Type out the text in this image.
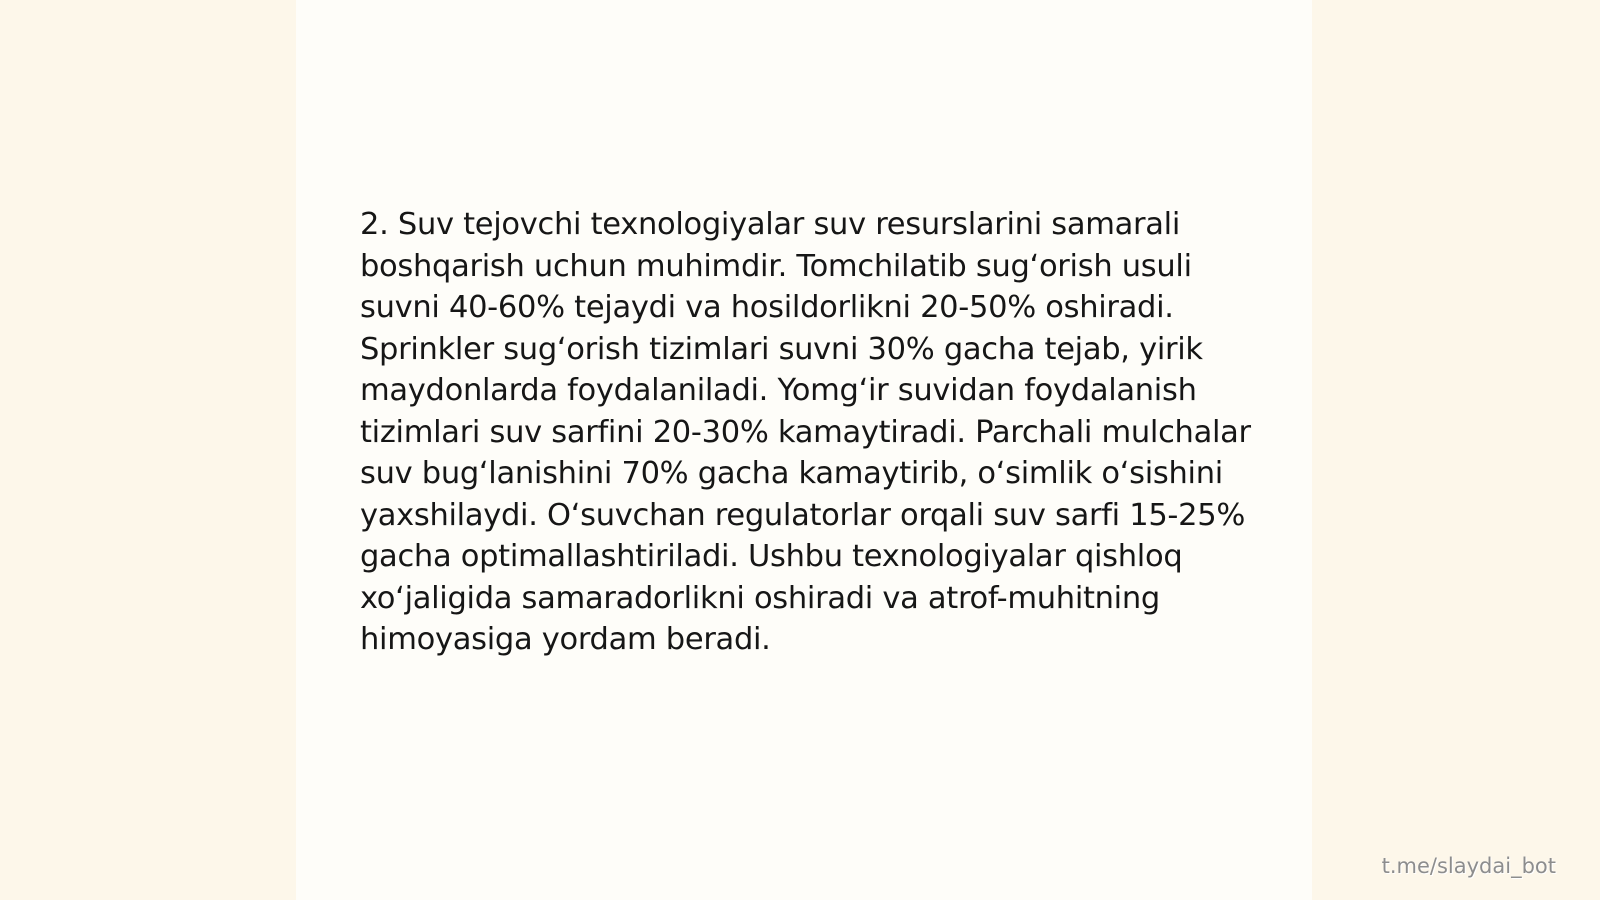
2. Suv tejovchi texnologiyalar suv resurslarini samarali boshqarish uchun muhimdir. Tomchilatib sug‘orish usuli suvni 40-60% tejaydi va hosildorlikni 20-50% oshiradi. Sprinkler sug‘orish tizimlari suvni 30% gacha tejab, yirik maydonlarda foydalaniladi. Yomg‘ir suvidan foydalanish tizimlari suv sarfini 20-30% kamaytiradi. Parchali mulchalar suv bug‘lanishini 70% gacha kamaytirib, o‘simlik o‘sishini yaxshilaydi. O‘suvchan regulatorlar orqali suv sarfi 15-25% gacha optimallashtiriladi. Ushbu texnologiyalar qishloq xo‘jaligida samaradorlikni oshiradi va atrof-muhitning himoyasiga yordam beradi.

t.me/slaydai_bot
